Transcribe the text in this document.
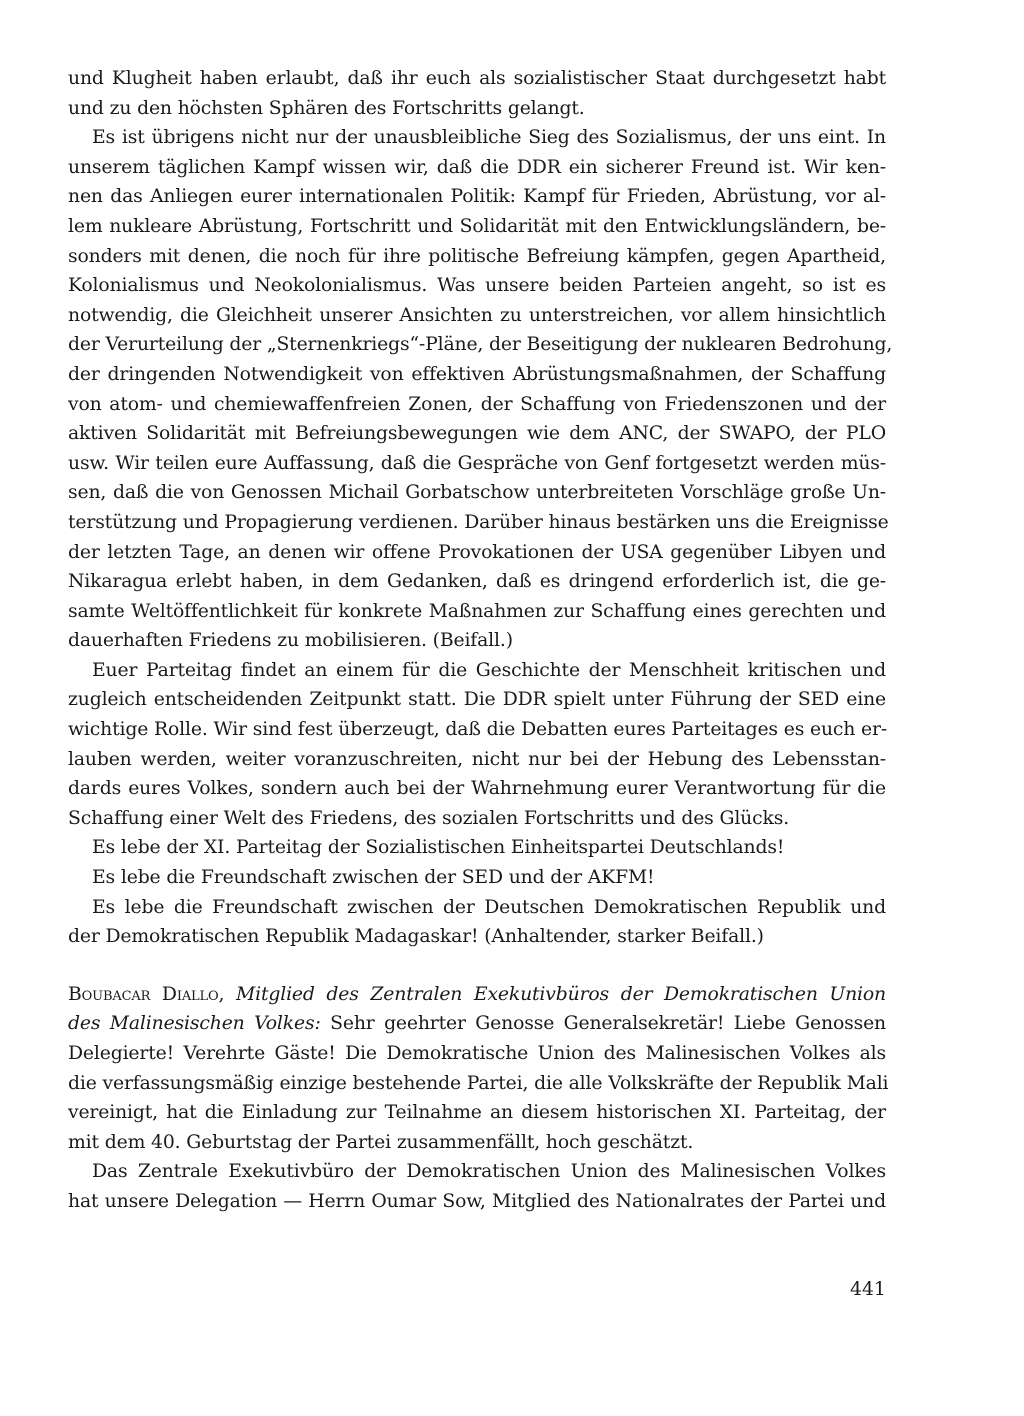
und Klugheit haben erlaubt, daß ihr euch als sozialistischer Staat durchgesetzt habt
und zu den höchsten Sphären des Fortschritts gelangt.
Es ist übrigens nicht nur der unausbleibliche Sieg des Sozialismus, der uns eint. In
unserem täglichen Kampf wissen wir, daß die DDR ein sicherer Freund ist. Wir ken-
nen das Anliegen eurer internationalen Politik: Kampf für Frieden, Abrüstung, vor al-
lem nukleare Abrüstung, Fortschritt und Solidarität mit den Entwicklungsländern, be-
sonders mit denen, die noch für ihre politische Befreiung kämpfen, gegen Apartheid,
Kolonialismus und Neokolonialismus. Was unsere beiden Parteien angeht, so ist es
notwendig, die Gleichheit unserer Ansichten zu unterstreichen, vor allem hinsichtlich
der Verurteilung der „Sternenkriegs“-Pläne, der Beseitigung der nuklearen Bedrohung,
der dringenden Notwendigkeit von effektiven Abrüstungsmaßnahmen, der Schaffung
von atom- und chemiewaffenfreien Zonen, der Schaffung von Friedenszonen und der
aktiven Solidarität mit Befreiungsbewegungen wie dem ANC, der SWAPO, der PLO
usw. Wir teilen eure Auffassung, daß die Gespräche von Genf fortgesetzt werden müs-
sen, daß die von Genossen Michail Gorbatschow unterbreiteten Vorschläge große Un-
terstützung und Propagierung verdienen. Darüber hinaus bestärken uns die Ereignisse
der letzten Tage, an denen wir offene Provokationen der USA gegenüber Libyen und
Nikaragua erlebt haben, in dem Gedanken, daß es dringend erforderlich ist, die ge-
samte Weltöffentlichkeit für konkrete Maßnahmen zur Schaffung eines gerechten und
dauerhaften Friedens zu mobilisieren. (Beifall.)
Euer Parteitag findet an einem für die Geschichte der Menschheit kritischen und
zugleich entscheidenden Zeitpunkt statt. Die DDR spielt unter Führung der SED eine
wichtige Rolle. Wir sind fest überzeugt, daß die Debatten eures Parteitages es euch er-
lauben werden, weiter voranzuschreiten, nicht nur bei der Hebung des Lebensstan-
dards eures Volkes, sondern auch bei der Wahrnehmung eurer Verantwortung für die
Schaffung einer Welt des Friedens, des sozialen Fortschritts und des Glücks.
Es lebe der XI. Parteitag der Sozialistischen Einheitspartei Deutschlands!
Es lebe die Freundschaft zwischen der SED und der AKFM!
Es lebe die Freundschaft zwischen der Deutschen Demokratischen Republik und
der Demokratischen Republik Madagaskar! (Anhaltender, starker Beifall.)
Boubacar Diallo, Mitglied des Zentralen Exekutivbüros der Demokratischen Union
des Malinesischen Volkes: Sehr geehrter Genosse Generalsekretär! Liebe Genossen
Delegierte! Verehrte Gäste! Die Demokratische Union des Malinesischen Volkes als
die verfassungsmäßig einzige bestehende Partei, die alle Volkskräfte der Republik Mali
vereinigt, hat die Einladung zur Teilnahme an diesem historischen XI. Parteitag, der
mit dem 40. Geburtstag der Partei zusammenfällt, hoch geschätzt.
Das Zentrale Exekutivbüro der Demokratischen Union des Malinesischen Volkes
hat unsere Delegation — Herrn Oumar Sow, Mitglied des Nationalrates der Partei und
441
